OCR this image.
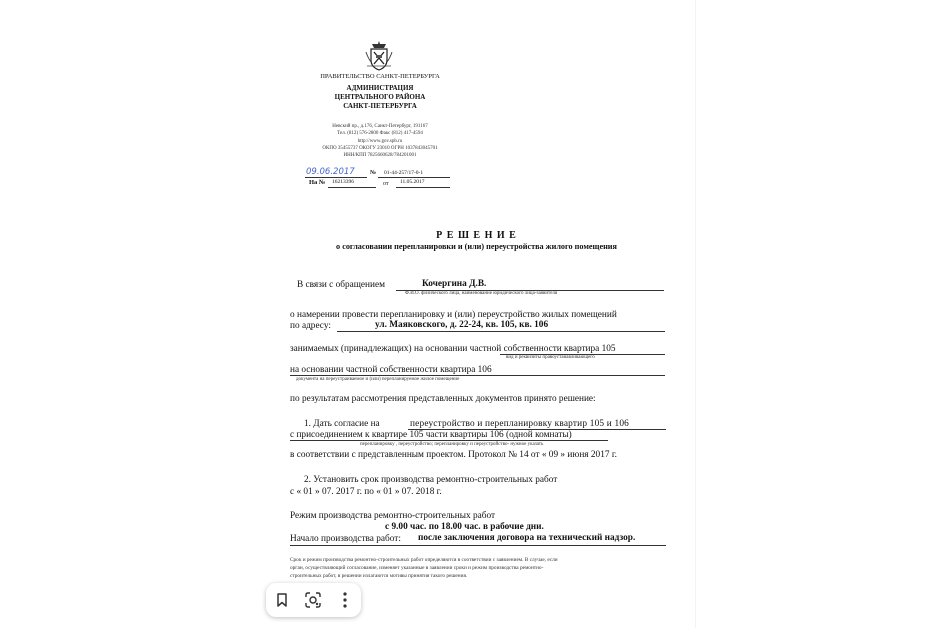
ПРАВИТЕЛЬСТВО САНКТ-ПЕТЕРБУРГА
АДМИНИСТРАЦИЯ
ЦЕНТРАЛЬНОГО РАЙОНА
САНКТ-ПЕТЕРБУРГА
Невский пр., д.176, Санкт-Петербург, 191167
Тел. (812) 576-2800 Факс (812) 417-4594
http://www.gov.spb.ru
ОКПО 35455737 ОКОГУ 23010 ОГРН 1037843045701
ИНН/КПП 7825660628/784201001
09.06.2017	№ 01-44-257/17-0-1
На № 16213396	от 11.05.2017
Р Е Ш Е Н И Е
о согласовании перепланировки и (или) переустройства жилого помещения
В связи с обращением	Кочергина Д.В.
Ф.И.О. физического лица, наименование юридического лица-заявителя
о намерении провести перепланировку и (или) переустройство жилых помещений
по адресу:	ул. Маяковского, д. 22-24, кв. 105, кв. 106
занимаемых (принадлежащих) на основании частной собственности квартира 105
вид и реквизиты правоустанавливающего
на основании частной собственности квартира 106
документа на переустраиваемое и (или) перепланируемое жилое помещение
по результатам рассмотрения представленных документов принято решение:
1. Дать согласие на	переустройство и перепланировку квартир 105 и 106
с присоединением к квартире 105 части квартиры 106 (одной комнаты)
перепланировку , переустройство; перепланировку и переустройство- нужное указать
в соответствии с представленным проектом. Протокол № 14 от « 09 » июня 2017 г.
2. Установить срок производства ремонтно-строительных работ
с « 01 » 07. 2017 г. по « 01 » 07. 2018 г.
Режим производства ремонтно-строительных работ
с 9.00 час. по 18.00 час. в рабочие дни.
Начало производства работ: после заключения договора на технический надзор.
Срок и режим производства ремонтно-строительных работ определяются в соответствии с заявлением. В случае, если
орган, осуществляющий согласование, изменяет указанные в заявлении сроки и режим производства ремонтно-
строительных работ, в решении излагаются мотивы принятия такого решения.
